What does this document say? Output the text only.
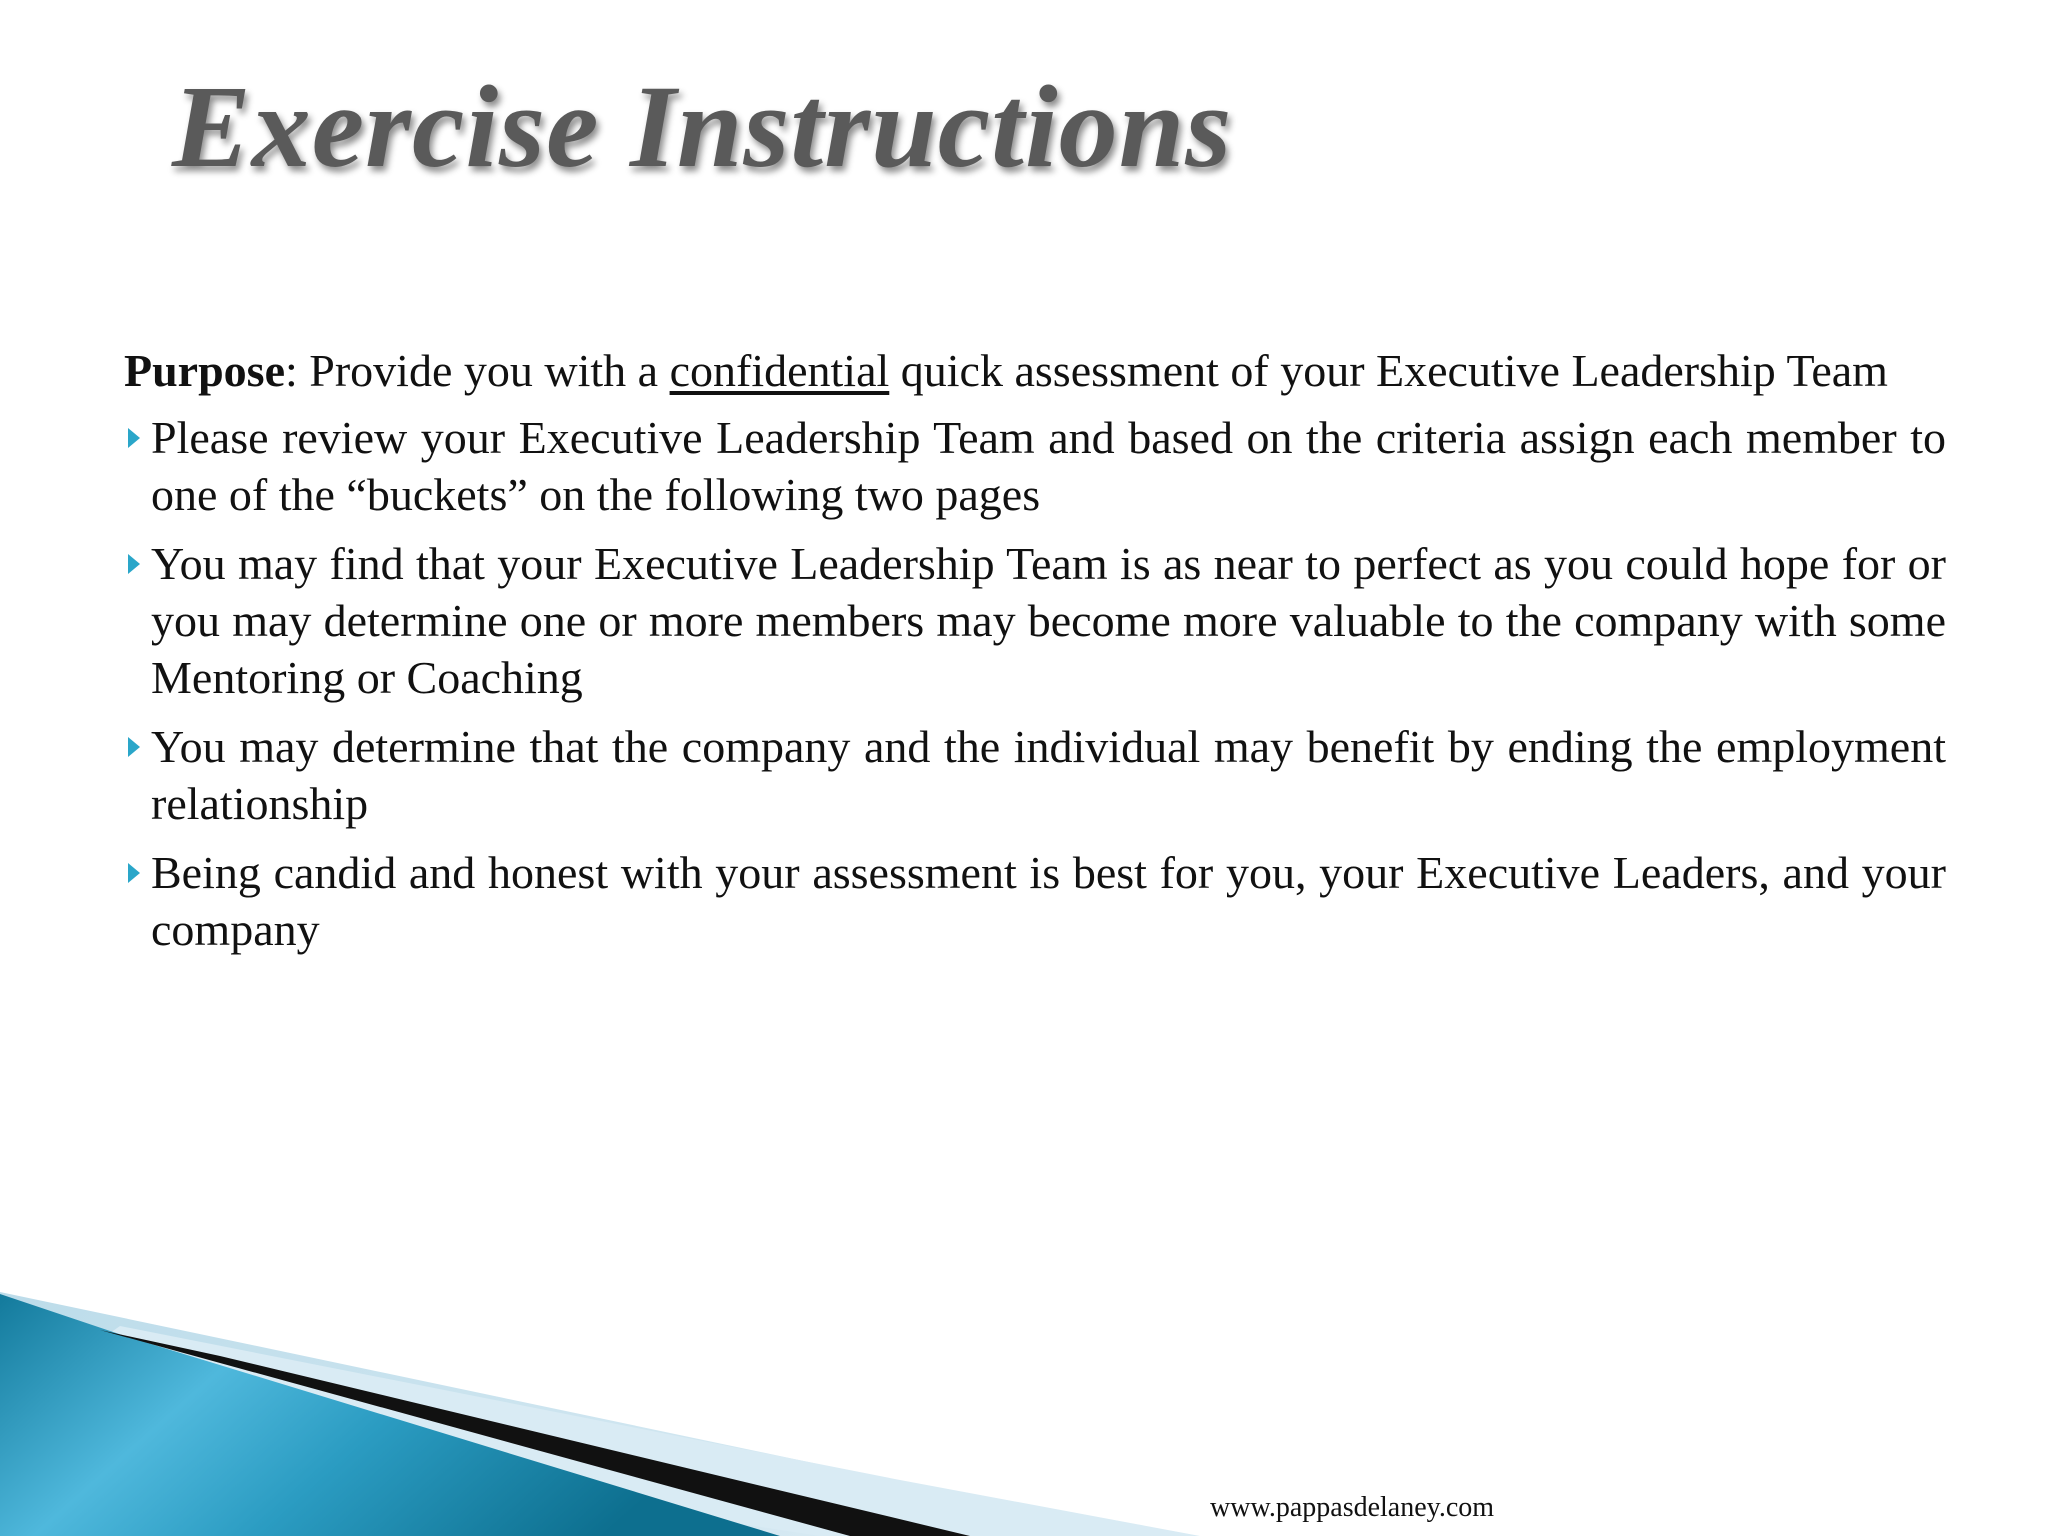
Exercise Instructions

Purpose: Provide you with a confidential quick assessment of your Executive Leadership Team

Please review your Executive Leadership Team and based on the criteria assign each member to one of the “buckets” on the following two pages
You may find that your Executive Leadership Team is as near to perfect as you could hope for or you may determine one or more members may become more valuable to the company with some Mentoring or Coaching
You may determine that the company and the individual may benefit by ending the employment relationship
Being candid and honest with your assessment is best for you, your Executive Leaders, and your company

www.pappasdelaney.com
